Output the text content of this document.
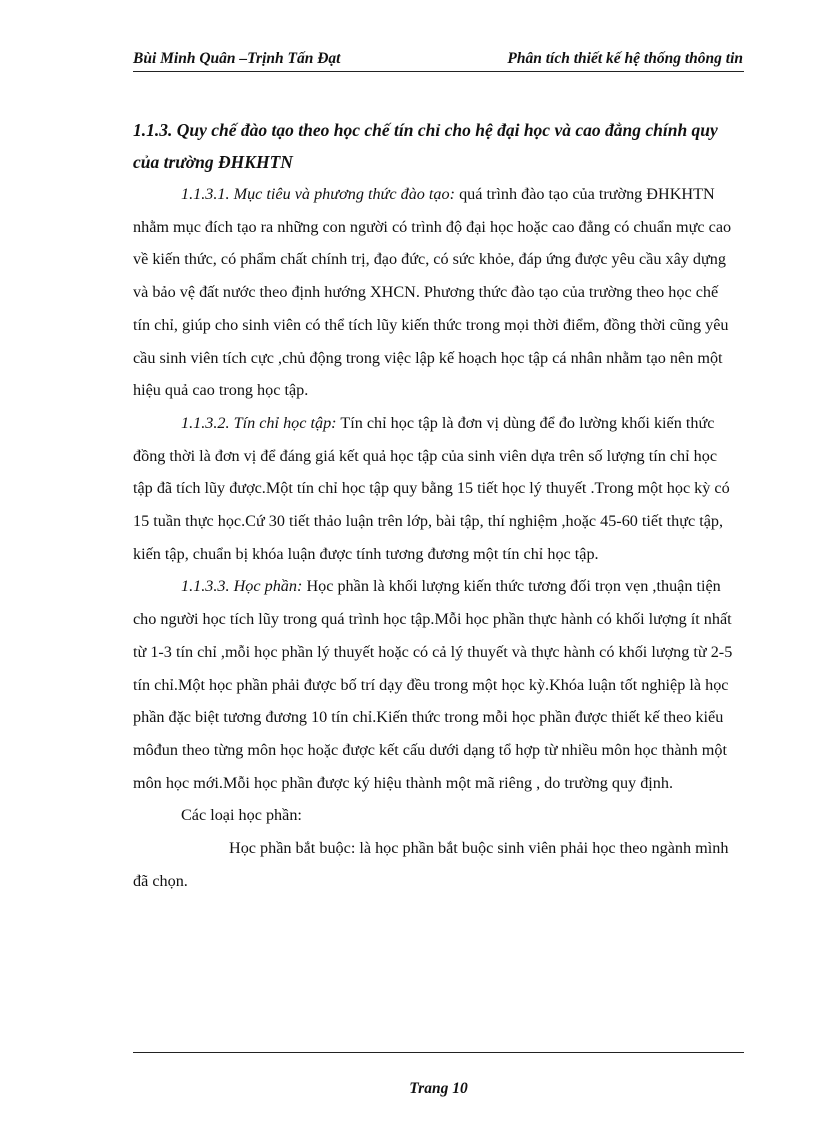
Bùi Minh Quân –Trịnh Tấn Đạt	Phân tích thiết kế hệ thống thông tin

1.1.3. Quy chế đào tạo theo học chế tín chỉ cho hệ đại học và cao đẳng chính quy của trường ĐHKHTN

1.1.3.1. Mục tiêu và phương thức đào tạo: quá trình đào tạo của trường ĐHKHTN nhằm mục đích tạo ra những con người có trình độ đại học hoặc cao đẳng có chuẩn mực cao về kiến thức, có phẩm chất chính trị, đạo đức, có sức khỏe, đáp ứng được yêu cầu xây dựng và bảo vệ đất nước theo định hướng XHCN. Phương thức đào tạo của trường theo học chế tín chỉ, giúp cho sinh viên có thể tích lũy kiến thức trong mọi thời điểm, đồng thời cũng yêu cầu sinh viên tích cực ,chủ động trong việc lập kế hoạch học tập cá nhân nhằm tạo nên một hiệu quả cao trong học tập.

1.1.3.2. Tín chỉ học tập: Tín chỉ học tập là đơn vị dùng để đo lường khối kiến thức đồng thời là đơn vị để đáng giá kết quả học tập của sinh viên dựa trên số lượng tín chỉ học tập đã tích lũy được.Một tín chỉ học tập quy bằng 15 tiết học lý thuyết .Trong một học kỳ có 15 tuần thực học.Cứ 30 tiết thảo luận trên lớp, bài tập, thí nghiệm ,hoặc 45-60 tiết thực tập, kiến tập, chuẩn bị khóa luận được tính tương đương một tín chỉ học tập.

1.1.3.3. Học phần: Học phần là khối lượng kiến thức tương đối trọn vẹn ,thuận tiện cho người học tích lũy trong quá trình học tập.Mỗi học phần thực hành có khối lượng ít nhất từ 1-3 tín chỉ ,mỗi học phần lý thuyết hoặc có cả lý thuyết và thực hành có khối lượng từ 2-5 tín chỉ.Một học phần phải được bố trí dạy đều trong một học kỳ.Khóa luận tốt nghiệp là học phần đặc biệt tương đương 10 tín chỉ.Kiến thức trong mỗi học phần được thiết kế theo kiểu môđun theo từng môn học hoặc được kết cấu dưới dạng tổ hợp từ nhiều môn học thành một môn học mới.Mỗi học phần được ký hiệu thành một mã riêng , do trường quy định.

Các loại học phần:

Học phần bắt buộc: là học phần bắt buộc sinh viên phải học theo ngành mình đã chọn.

Trang 10
